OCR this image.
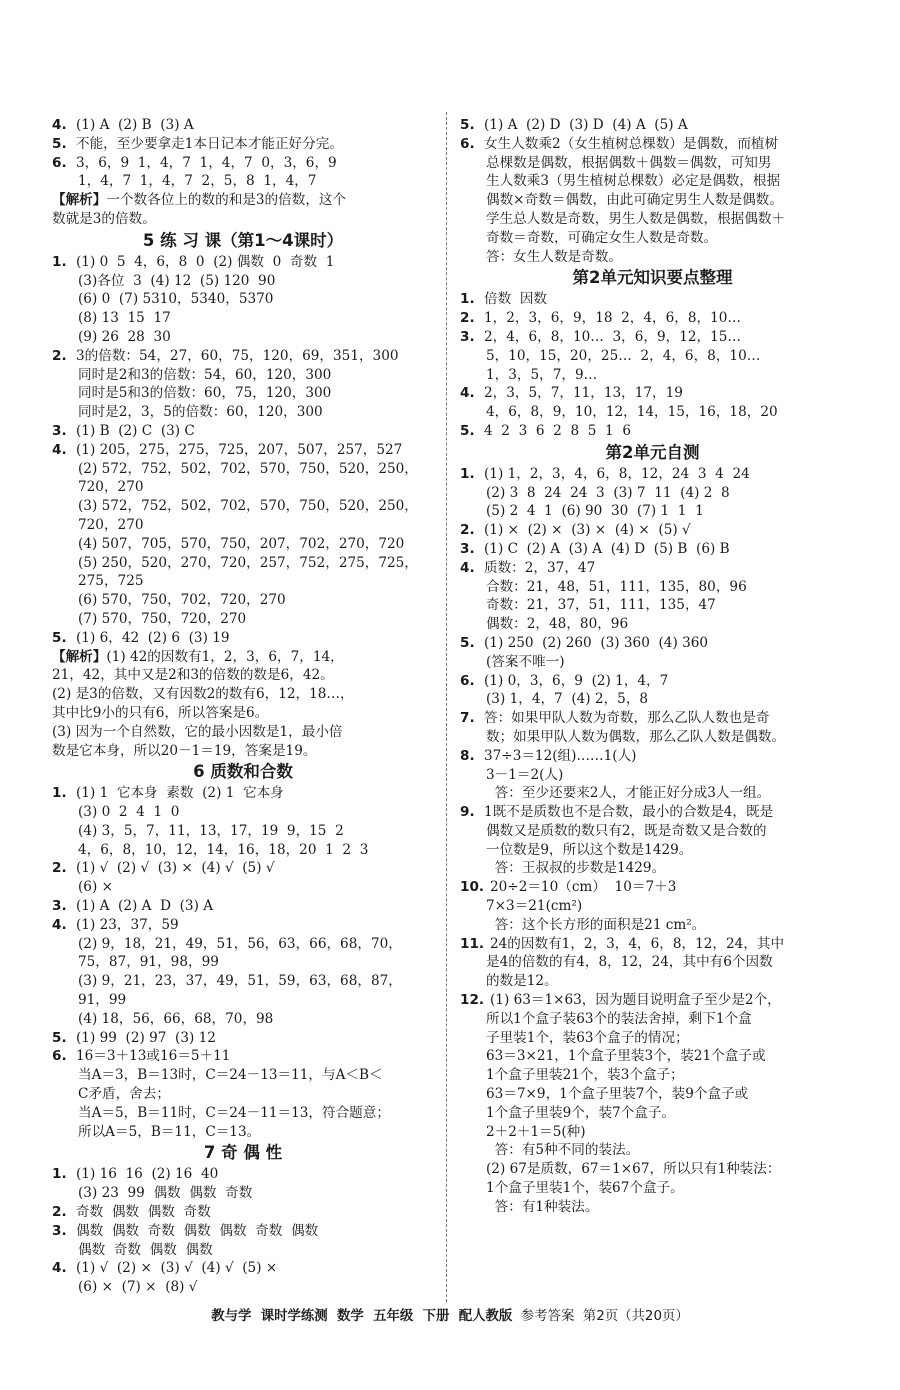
4. (1) A  (2) B  (3) A
5. 不能，至少要拿走1本日记本才能正好分完。
6. 3，6，9  1，4，7  1，4，7  0，3，6，9
1，4，7  1，4，7  2，5，8  1，4，7
【解析】一个数各位上的数的和是3的倍数，这个
数就是3的倍数。
5 练 习 课（第1～4课时）
1. (1) 0  5  4，6，8  0  (2) 偶数  0  奇数  1
(3)各位  3  (4) 12  (5) 120  90
(6) 0  (7) 5310，5340，5370
(8) 13  15  17
(9) 26  28  30
2. 3的倍数：54，27，60，75，120，69，351，300
同时是2和3的倍数：54，60，120，300
同时是5和3的倍数：60，75，120，300
同时是2，3，5的倍数：60，120，300
3. (1) B  (2) C  (3) C
4. (1) 205，275，275，725，207，507，257，527
(2) 572，752，502，702，570，750，520，250，
720，270
(3) 572，752，502，702，570，750，520，250，
720，270
(4) 507，705，570，750，207，702，270，720
(5) 250，520，270，720，257，752，275，725，
275，725
(6) 570，750，702，720，270
(7) 570，750，720，270
5. (1) 6，42  (2) 6  (3) 19
【解析】(1) 42的因数有1，2，3，6，7，14，
21，42，其中又是2和3的倍数的数是6，42。
(2) 是3的倍数，又有因数2的数有6，12，18…，
其中比9小的只有6，所以答案是6。
(3) 因为一个自然数，它的最小因数是1，最小倍
数是它本身，所以20－1＝19，答案是19。
6 质数和合数
1. (1) 1  它本身  素数  (2) 1  它本身
(3) 0  2  4  1  0
(4) 3，5，7，11，13，17，19  9，15  2
4，6，8，10，12，14，16，18，20  1  2  3
2. (1) √  (2) √  (3) ×  (4) √  (5) √
(6) ×
3. (1) A  (2) A  D  (3) A
4. (1) 23，37，59
(2) 9，18，21，49，51，56，63，66，68，70，
75，87，91，98，99
(3) 9，21，23，37，49，51，59，63，68，87，
91，99
(4) 18，56，66，68，70，98
5. (1) 99  (2) 97  (3) 12
6. 16＝3＋13或16＝5＋11
当A＝3，B＝13时，C＝24－13＝11，与A＜B＜
C矛盾，舍去；
当A＝5，B＝11时，C＝24－11＝13，符合题意；
所以A＝5，B＝11，C＝13。
7 奇 偶 性
1. (1) 16  16  (2) 16  40
(3) 23  99  偶数  偶数  奇数
2. 奇数  偶数  偶数  奇数
3. 偶数  偶数  奇数  偶数  偶数  奇数  偶数
偶数  奇数  偶数  偶数
4. (1) √  (2) ×  (3) √  (4) √  (5) ×
(6) ×  (7) ×  (8) √
5. (1) A  (2) D  (3) D  (4) A  (5) A
6. 女生人数乘2（女生植树总棵数）是偶数，而植树
总棵数是偶数，根据偶数＋偶数＝偶数，可知男
生人数乘3（男生植树总棵数）必定是偶数，根据
偶数×奇数＝偶数，由此可确定男生人数是偶数。
学生总人数是奇数，男生人数是偶数，根据偶数＋
奇数＝奇数，可确定女生人数是奇数。
答：女生人数是奇数。
第2单元知识要点整理
1. 倍数  因数
2. 1，2，3，6，9，18  2，4，6，8，10…
3. 2，4，6，8，10…  3，6，9，12，15…
5，10，15，20，25…  2，4，6，8，10…
1，3，5，7，9…
4. 2，3，5，7，11，13，17，19
4，6，8，9，10，12，14，15，16，18，20
5. 4  2  3  6  2  8  5  1  6
第2单元自测
1. (1) 1，2，3，4，6，8，12，24  3  4  24
(2) 3  8  24  24  3  (3) 7  11  (4) 2  8
(5) 2  4  1  (6) 90  30  (7) 1  1  1
2. (1) ×  (2) ×  (3) ×  (4) ×  (5) √
3. (1) C  (2) A  (3) A  (4) D  (5) B  (6) B
4. 质数：2，37，47
合数：21，48，51，111，135，80，96
奇数：21，37，51，111，135，47
偶数：2，48，80，96
5. (1) 250  (2) 260  (3) 360  (4) 360
(答案不唯一)
6. (1) 0，3，6，9  (2) 1，4，7
(3) 1，4，7  (4) 2，5，8
7. 答：如果甲队人数为奇数，那么乙队人数也是奇
数；如果甲队人数为偶数，那么乙队人数是偶数。
8. 37÷3＝12(组)……1(人)
3－1＝2(人)
答：至少还要来2人，才能正好分成3人一组。
9. 1既不是质数也不是合数，最小的合数是4，既是
偶数又是质数的数只有2，既是奇数又是合数的
一位数是9，所以这个数是1429。
答：王叔叔的步数是1429。
10. 20÷2＝10（cm）  10＝7＋3
7×3＝21(cm²)
答：这个长方形的面积是21 cm²。
11. 24的因数有1，2，3，4，6，8，12，24，其中
是4的倍数的有4，8，12，24，其中有6个因数
的数是12。
12. (1) 63＝1×63，因为题目说明盒子至少是2个，
所以1个盒子装63个的装法舍掉，剩下1个盒
子里装1个，装63个盒子的情况；
63＝3×21，1个盒子里装3个，装21个盒子或
1个盒子里装21个，装3个盒子；
63＝7×9，1个盒子里装7个，装9个盒子或
1个盒子里装9个，装7个盒子。
2＋2＋1＝5(种)
答：有5种不同的装法。
(2) 67是质数，67＝1×67，所以只有1种装法：
1个盒子里装1个，装67个盒子。
答：有1种装法。
教与学  课时学练测  数学  五年级  下册  配人教版  参考答案  第2页（共20页）
